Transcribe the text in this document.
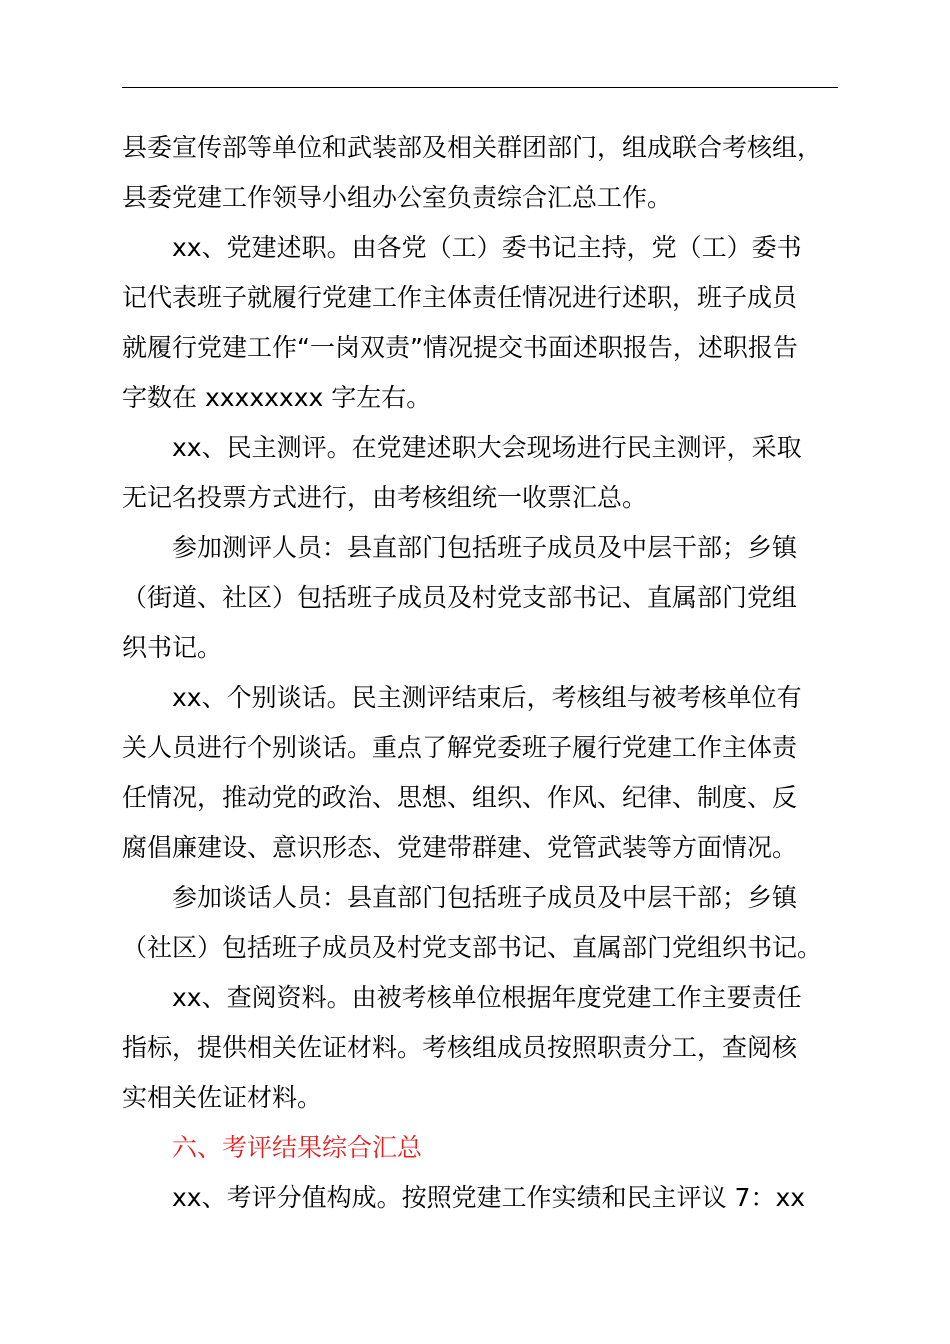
县委宣传部等单位和武装部及相关群团部门，组成联合考核组，
县委党建工作领导小组办公室负责综合汇总工作。
xx、党建述职。由各党（工）委书记主持，党（工）委书
记代表班子就履行党建工作主体责任情况进行述职，班子成员
就履行党建工作“一岗双责”情况提交书面述职报告，述职报告
字数在 xxxxxxxx 字左右。
xx、民主测评。在党建述职大会现场进行民主测评，采取
无记名投票方式进行，由考核组统一收票汇总。
参加测评人员：县直部门包括班子成员及中层干部；乡镇
（街道、社区）包括班子成员及村党支部书记、直属部门党组
织书记。
xx、个别谈话。民主测评结束后，考核组与被考核单位有
关人员进行个别谈话。重点了解党委班子履行党建工作主体责
任情况，推动党的政治、思想、组织、作风、纪律、制度、反
腐倡廉建设、意识形态、党建带群建、党管武装等方面情况。
参加谈话人员：县直部门包括班子成员及中层干部；乡镇
（社区）包括班子成员及村党支部书记、直属部门党组织书记。
xx、查阅资料。由被考核单位根据年度党建工作主要责任
指标，提供相关佐证材料。考核组成员按照职责分工，查阅核
实相关佐证材料。
六、考评结果综合汇总
xx、考评分值构成。按照党建工作实绩和民主评议 7：xx
